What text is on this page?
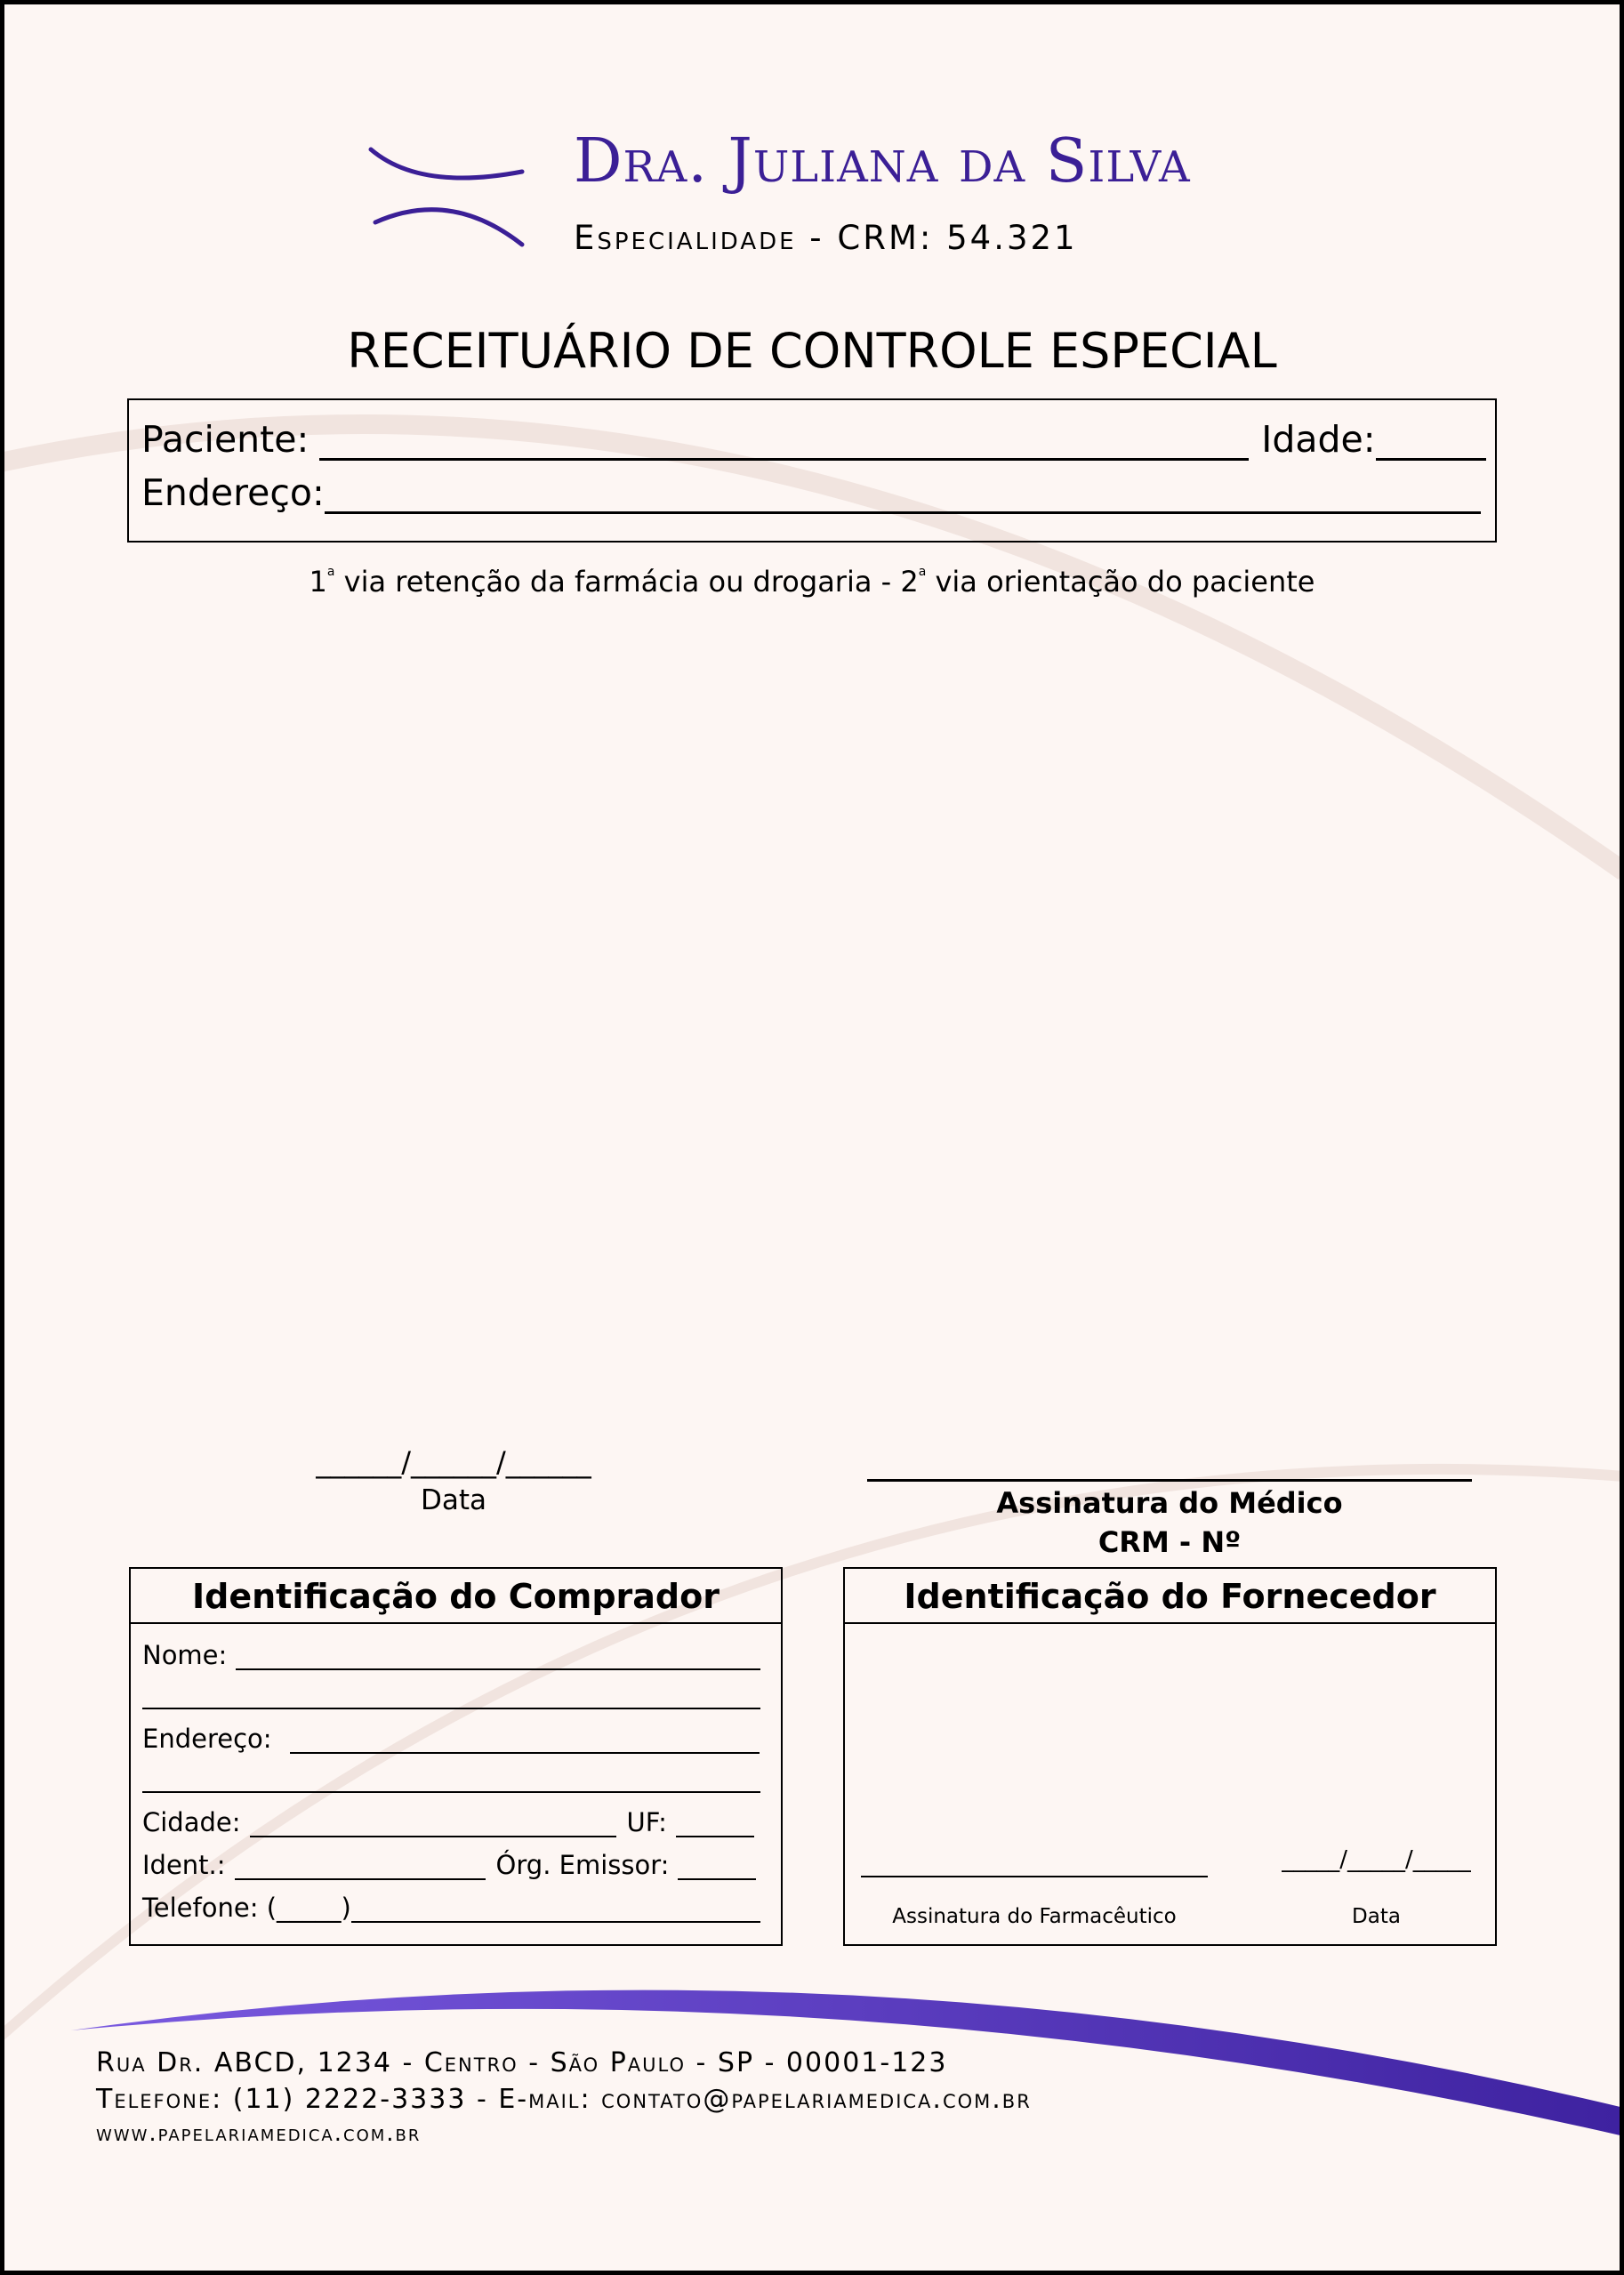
Dra. Juliana da Silva
Especialidade - CRM: 54.321
RECEITUÁRIO DE CONTROLE ESPECIAL
Paciente:	Idade:
Endereço:
1$^a$ via retenção da farmácia ou drogaria - 2$^a$ via orientação do paciente
______/______/______
Data	Assinatura do Médico
CRM - Nº
Identificação do Comprador
Nome:
Endereço:
Cidade:	UF:
Ident.:	Órg. Emissor:
Telefone: (_____)
Identificação do Fornecedor
Assinatura do Farmacêutico
_____/_____/_____
Data
Rua Dr. ABCD, 1234 - Centro - São Paulo - SP - 00001-123
Telefone: (11) 2222-3333 - E-mail: contato@papelariamedica.com.br
www.papelariamedica.com.br
